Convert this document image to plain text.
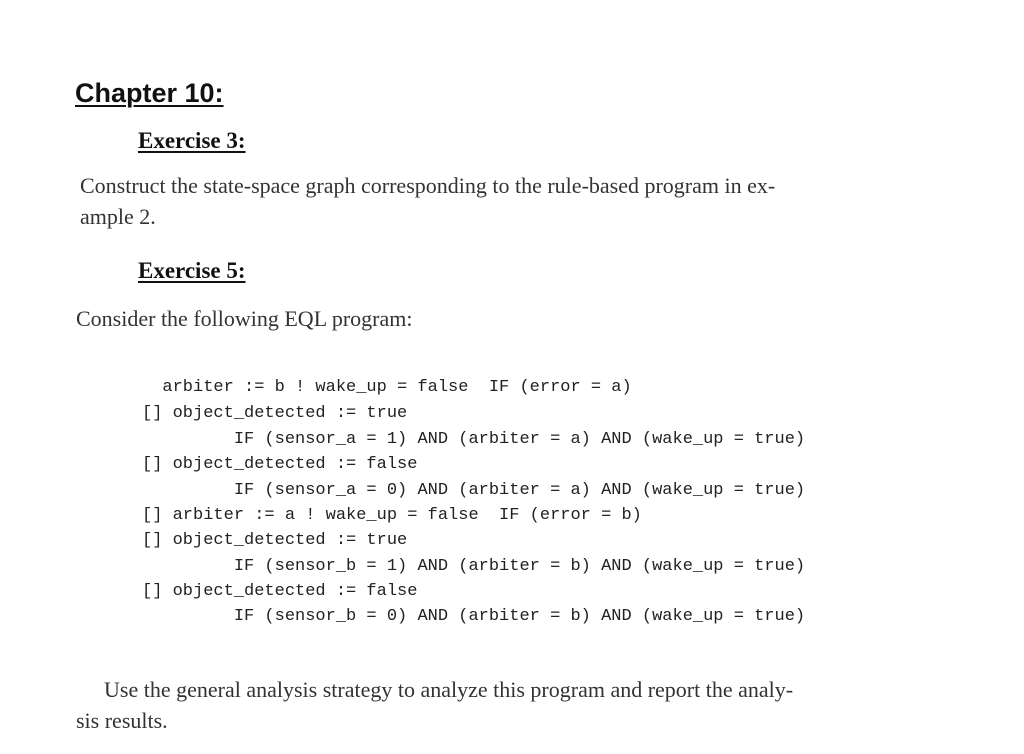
Chapter 10:
Exercise 3:

Construct the state-space graph corresponding to the rule-based program in ex-

ample 2.

Exercise 5:

Consider the following EQL program:

arbiter := b ! wake_up = false  IF (error = a)
[] object_detected := true
IF (sensor_a = 1) AND (arbiter = a) AND (wake_up = true)
[] object_detected := false
IF (sensor_a = 0) AND (arbiter = a) AND (wake_up = true)
[] arbiter := a ! wake_up = false  IF (error = b)
[] object_detected := true
IF (sensor_b = 1) AND (arbiter = b) AND (wake_up = true)
[] object_detected := false
IF (sensor_b = 0) AND (arbiter = b) AND (wake_up = true)

Use the general analysis strategy to analyze this program and report the analy-

sis results.
